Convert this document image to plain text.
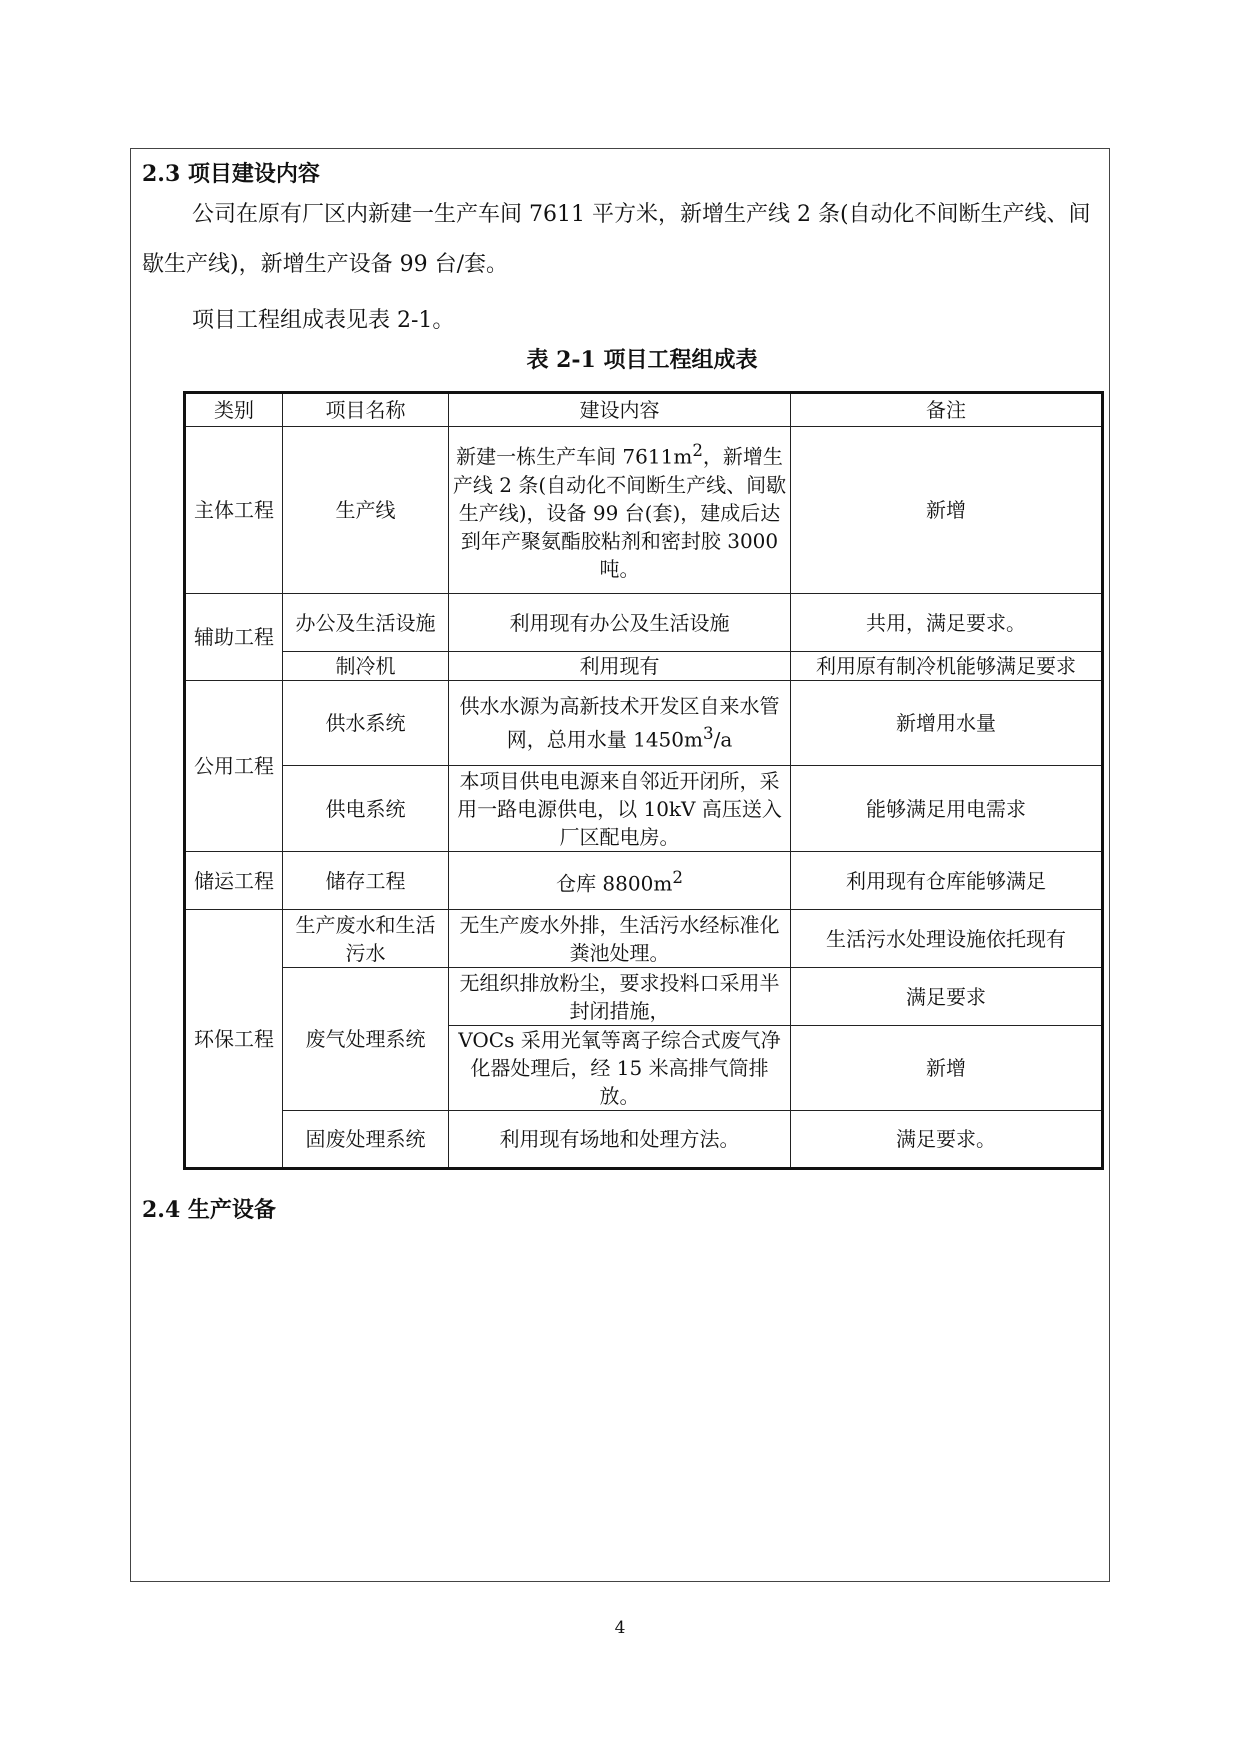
2.3 项目建设内容

公司在原有厂区内新建一生产车间 7611 平方米，新增生产线 2 条(自动化不间断生产线、间歇生产线)，新增生产设备 99 台/套。

项目工程组成表见表 2-1。

表 2-1 项目工程组成表

类别	项目名称	建设内容	备注
主体工程	生产线	新建一栋生产车间 $7611m^2$，新增生产线 2 条(自动化不间断生产线、间歇生产线)，设备 99 台(套)，建成后达到年产聚氨酯胶粘剂和密封胶 3000 吨。	新增
辅助工程	办公及生活设施	利用现有办公及生活设施	共用，满足要求。
	制冷机	利用现有	利用原有制冷机能够满足要求
公用工程	供水系统	供水水源为高新技术开发区自来水管网，总用水量 $1450m^3/a$	新增用水量
	供电系统	本项目供电电源来自邻近开闭所，采用一路电源供电，以 10kV 高压送入厂区配电房。	能够满足用电需求
储运工程	储存工程	仓库 $8800m^2$	利用现有仓库能够满足
环保工程	生产废水和生活污水	无生产废水外排，生活污水经标准化粪池处理。	生活污水处理设施依托现有
	废气处理系统	无组织排放粉尘，要求投料口采用半封闭措施，	满足要求
		VOCs 采用光氧等离子综合式废气净化器处理后，经 15 米高排气筒排放。	新增
	固废处理系统	利用现有场地和处理方法。	满足要求。
2.4 生产设备

4
